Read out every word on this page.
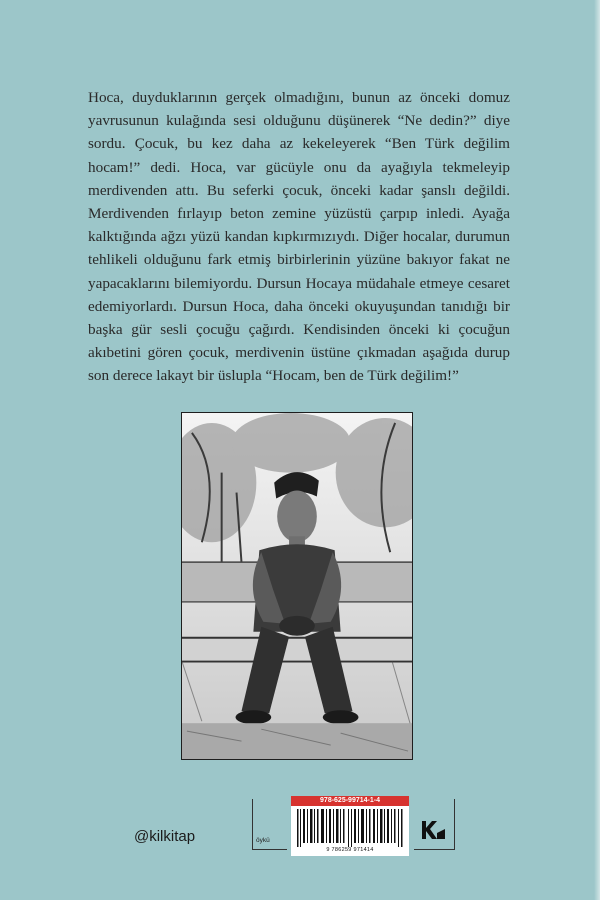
Hoca, duyduklarının gerçek olmadığını, bunun az önceki domuz yavrusunun kulağında sesi olduğunu düşünerek “Ne dedin?” diye sordu. Çocuk, bu kez daha az kekeleyerek “Ben Türk değilim hocam!” dedi. Hoca, var gücüyle onu da ayağıyla tekmeleyip merdivenden attı. Bu seferki çocuk, önceki kadar şanslı değildi. Merdivenden fırlayıp beton zemine yüzüstü çarpıp inledi. Ayağa kalktığında ağzı yüzü kandan kıpkırmızıydı. Diğer hocalar, durumun tehlikeli olduğunu fark etmiş birbirlerinin yüzüne bakıyor fakat ne yapacaklarını bilemiyordu. Dursun Hocaya müdahale etmeye cesaret edemiyorlardı. Dursun Hoca, daha önceki okuyuşundan tanıdığı bir başka gür sesli çocuğu çağırdı. Kendisinden önceki ki çocuğun akıbetini gören çocuk, merdivenin üstüne çıkmadan aşağıda durup son derece lakayt bir üslupla “Hocam, ben de Türk değilim!”

@kilkitap	öykü
978-625-99714-1-4
9 786259 971414
